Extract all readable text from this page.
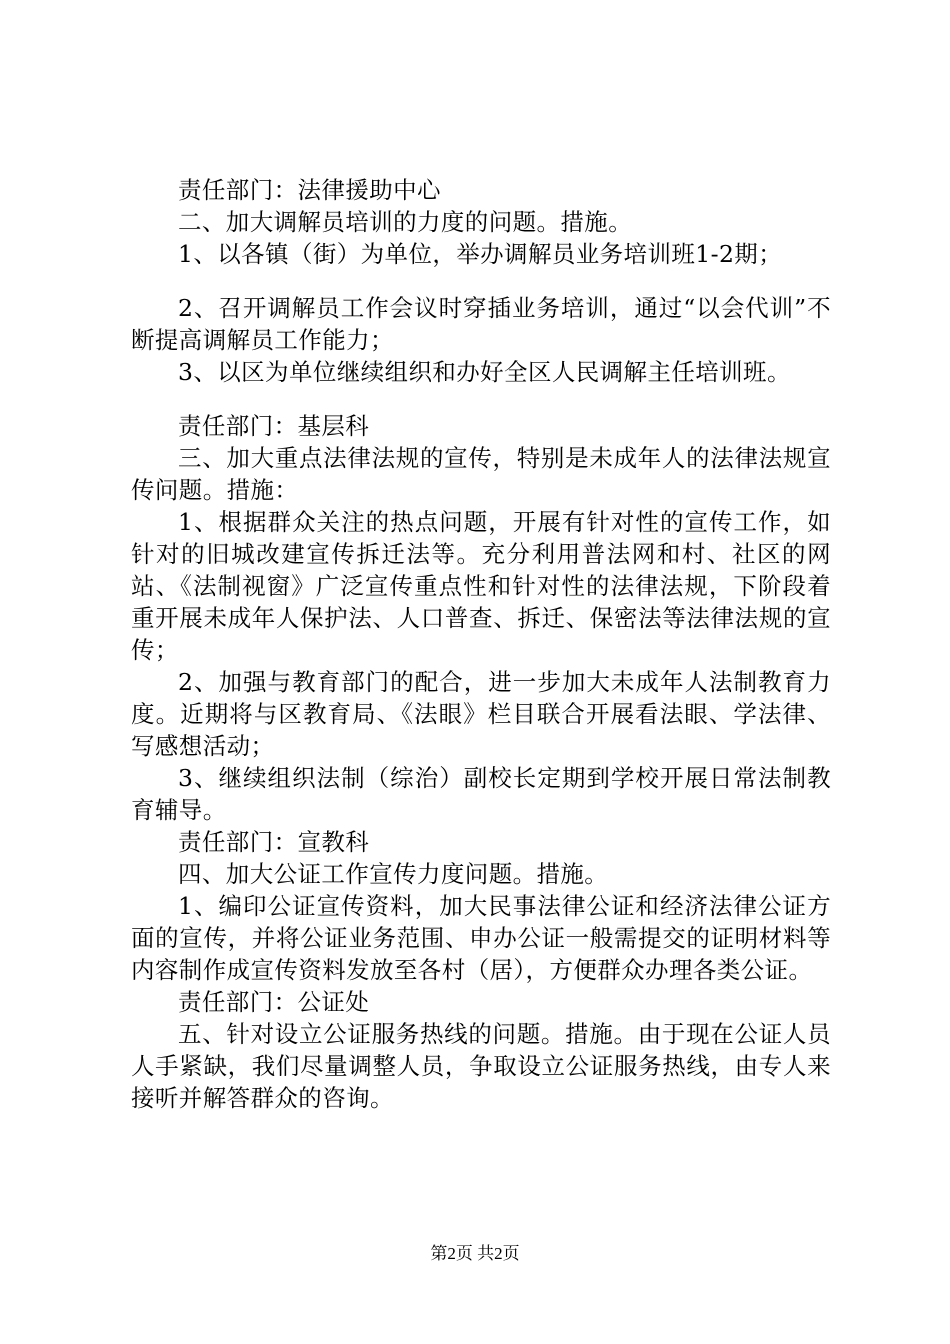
责任部门：法律援助中心

二、加大调解员培训的力度的问题。措施。

1、以各镇（街）为单位，举办调解员业务培训班1-2期；

2、召开调解员工作会议时穿插业务培训，通过“以会代训”不断提高调解员工作能力；

3、以区为单位继续组织和办好全区人民调解主任培训班。

责任部门：基层科

三、加大重点法律法规的宣传，特别是未成年人的法律法规宣传问题。措施：

1、根据群众关注的热点问题，开展有针对性的宣传工作，如针对的旧城改建宣传拆迁法等。充分利用普法网和村、社区的网站、《法制视窗》广泛宣传重点性和针对性的法律法规，下阶段着重开展未成年人保护法、人口普查、拆迁、保密法等法律法规的宣传；

2、加强与教育部门的配合，进一步加大未成年人法制教育力度。近期将与区教育局、《法眼》栏目联合开展看法眼、学法律、写感想活动；

3、继续组织法制（综治）副校长定期到学校开展日常法制教育辅导。

责任部门：宣教科

四、加大公证工作宣传力度问题。措施。

1、编印公证宣传资料，加大民事法律公证和经济法律公证方面的宣传，并将公证业务范围、申办公证一般需提交的证明材料等内容制作成宣传资料发放至各村（居），方便群众办理各类公证。

责任部门：公证处

五、针对设立公证服务热线的问题。措施。由于现在公证人员人手紧缺，我们尽量调整人员，争取设立公证服务热线，由专人来接听并解答群众的咨询。

第2页 共2页
